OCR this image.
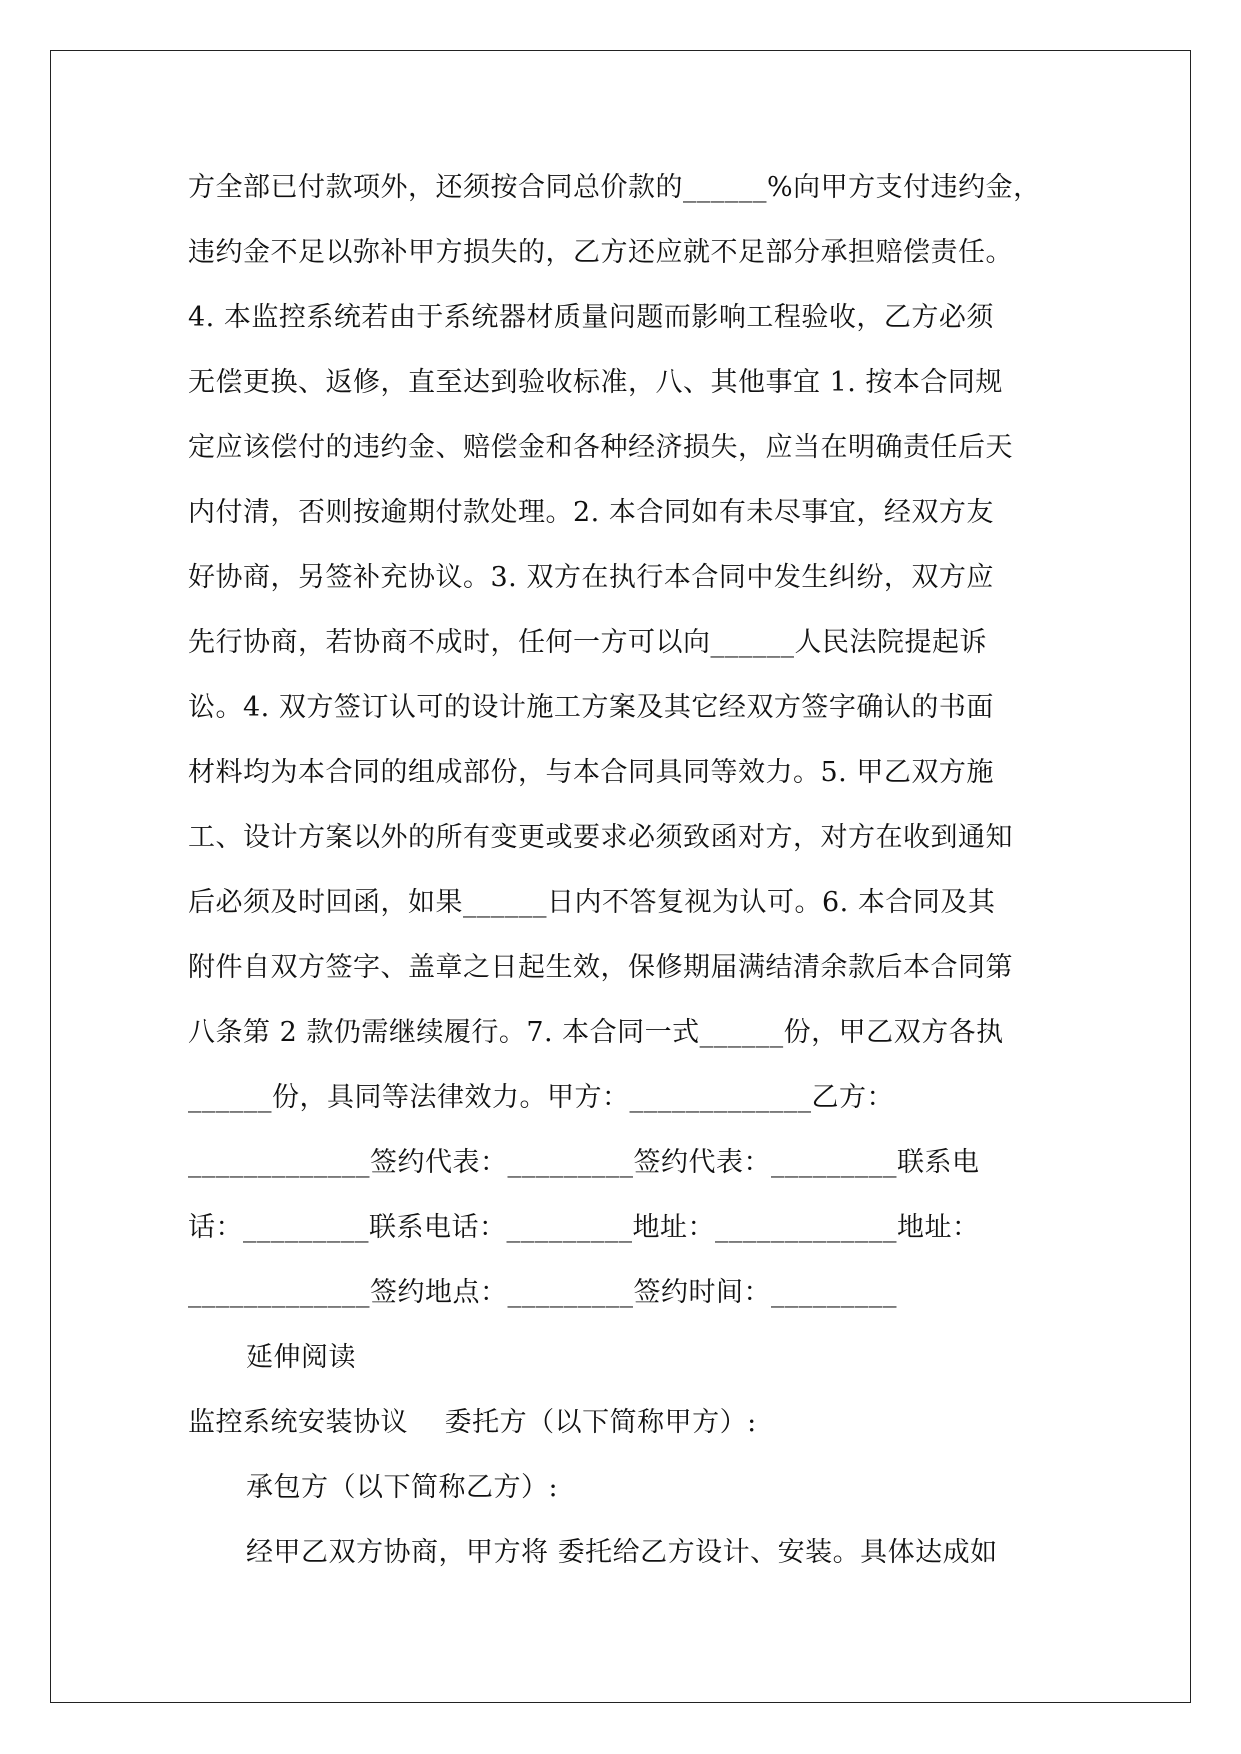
方全部已付款项外，还须按合同总价款的______%向甲方支付违约金，
违约金不足以弥补甲方损失的，乙方还应就不足部分承担赔偿责任。
4. 本监控系统若由于系统器材质量问题而影响工程验收，乙方必须
无偿更换、返修，直至达到验收标准，八、其他事宜 1. 按本合同规
定应该偿付的违约金、赔偿金和各种经济损失，应当在明确责任后天
内付清，否则按逾期付款处理。2. 本合同如有未尽事宜，经双方友
好协商，另签补充协议。3. 双方在执行本合同中发生纠纷，双方应
先行协商，若协商不成时，任何一方可以向______人民法院提起诉
讼。4. 双方签订认可的设计施工方案及其它经双方签字确认的书面
材料均为本合同的组成部份，与本合同具同等效力。5. 甲乙双方施
工、设计方案以外的所有变更或要求必须致函对方，对方在收到通知
后必须及时回函，如果______日内不答复视为认可。6. 本合同及其
附件自双方签字、盖章之日起生效，保修期届满结清余款后本合同第
八条第 2 款仍需继续履行。7. 本合同一式______份，甲乙双方各执
______份，具同等法律效力。甲方：_____________乙方：
_____________签约代表：_________签约代表：_________联系电
话：_________联系电话：_________地址：_____________地址：
_____________签约地点：_________签约时间：_________
延伸阅读
监控系统安装协议　 委托方（以下简称甲方）:
承包方（以下简称乙方）:
经甲乙双方协商，甲方将 委托给乙方设计、安装。具体达成如
